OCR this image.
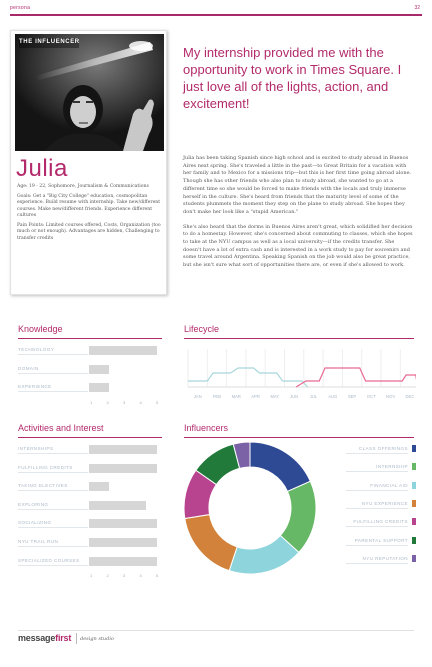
persona	32
THE INFLUENCER
Julia

Age: 19 - 22, Sophomore, Journalism & Communications

Goals: Get a "Big City College" education, cosmopolitan experience. Build resume with internship. Take new/different courses. Make new/different friends. Experience different cultures

Pain Points: Limited courses offered, Costs, Organization (too much or not enough). Advantages are hidden, Challenging to transfer credits

My internship provided me with the opportunity to work in Times Square. I just love all of the lights, action, and excitement!

Julia has been taking Spanish since high school and is excited to study abroad in Buenos Aires next spring. She's traveled a little in the past—to Great Britain for a vacation with her family and to Mexico for a missions trip—but this is her first time going abroad alone. Though she has other friends who also plan to study abroad, she wanted to go at a different time so she would be forced to make friends with the locals and truly immerse herself in the culture. She's heard from friends that the maturity level of some of the students plummets the moment they step on the plane to study abroad. She hopes they don't make her look like a "stupid American."

She's also heard that the dorms in Buenos Aires aren't great, which solidified her decision to do a homestay. However, she's concerned about commuting to classes, which she hopes to take at the NYU campus as well as a local university—if the credits transfer. She doesn't have a lot of extra cash and is interested in a work study to pay for souvenirs and some travel around Argentina. Speaking Spanish on the job would also be great practice, but she isn't sure what sort of opportunities there are, or even if she's allowed to work.

Knowledge	Lifecycle
JAN	FEB	MAR APR	MAY	JUN	JUL	AUG	SEP	OCT NOV DEC
Activities and Interest	Influencers
messagefirst design studio
TECHNOLOGY
DOMAIN
EXPERIENCE
1	2	3	4	5
INTERNSHIPS
FULFILLING CREDITS
TAKING ELECTIVES
EXPLORING
SOCIALIZING
NYU TRAIL RUN
SPECIALIZED COURSES
1	2	3	4	5
CLASS OFFERINGS
INTERNSHIP
FINANCIAL AID
NYU EXPERIENCE
FULFILLING CREDITS
PARENTAL SUPPORT
NYU REPUTATION
